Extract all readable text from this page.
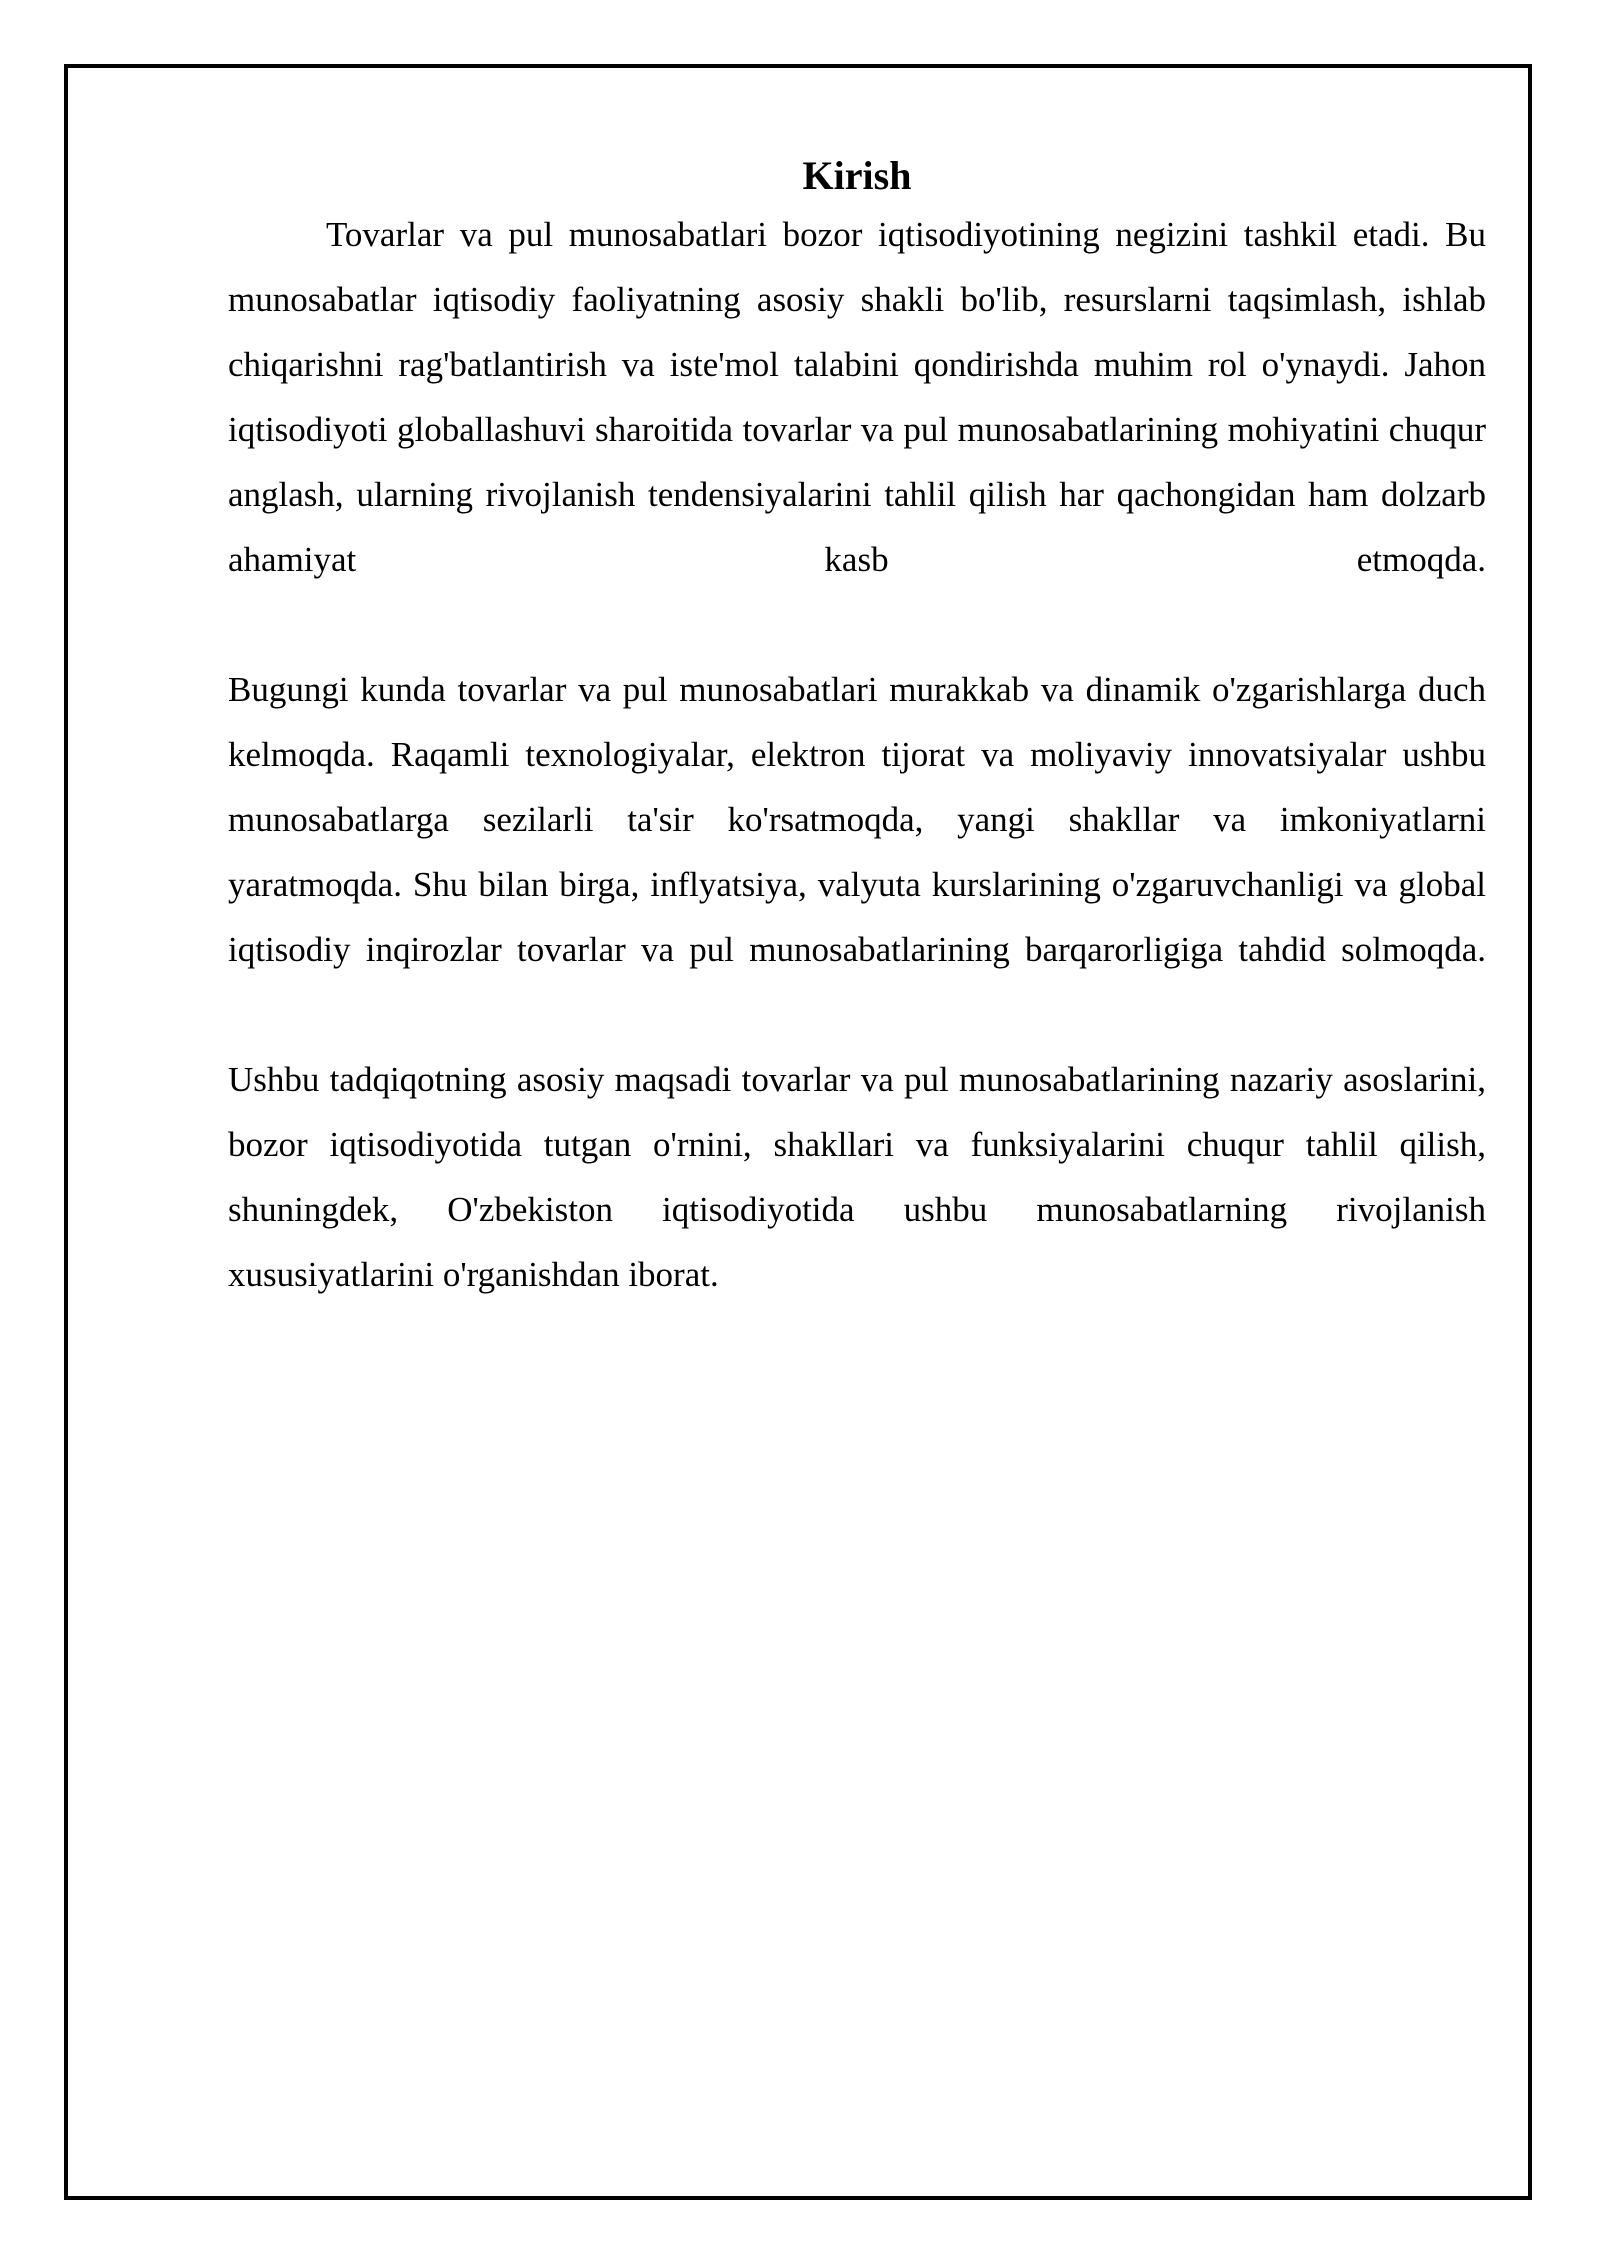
Kirish

Tovarlar va pul munosabatlari bozor iqtisodiyotining negizini tashkil etadi. Bu munosabatlar iqtisodiy faoliyatning asosiy shakli bo'lib, resurslarni taqsimlash, ishlab chiqarishni rag'batlantirish va iste'mol talabini qondirishda muhim rol o'ynaydi. Jahon iqtisodiyoti globallashuvi sharoitida tovarlar va pul munosabatlarining mohiyatini chuqur anglash, ularning rivojlanish tendensiyalarini tahlil qilish har qachongidan ham dolzarb ahamiyat kasb etmoqda.

Bugungi kunda tovarlar va pul munosabatlari murakkab va dinamik o'zgarishlarga duch kelmoqda. Raqamli texnologiyalar, elektron tijorat va moliyaviy innovatsiyalar ushbu munosabatlarga sezilarli ta'sir ko'rsatmoqda, yangi shakllar va imkoniyatlarni yaratmoqda. Shu bilan birga, inflyatsiya, valyuta kurslarining o'zgaruvchanligi va global iqtisodiy inqirozlar tovarlar va pul munosabatlarining barqarorligiga tahdid solmoqda.

Ushbu tadqiqotning asosiy maqsadi tovarlar va pul munosabatlarining nazariy asoslarini, bozor iqtisodiyotida tutgan o'rnini, shakllari va funksiyalarini chuqur tahlil qilish, shuningdek, O'zbekiston iqtisodiyotida ushbu munosabatlarning rivojlanish xususiyatlarini o'rganishdan iborat.
